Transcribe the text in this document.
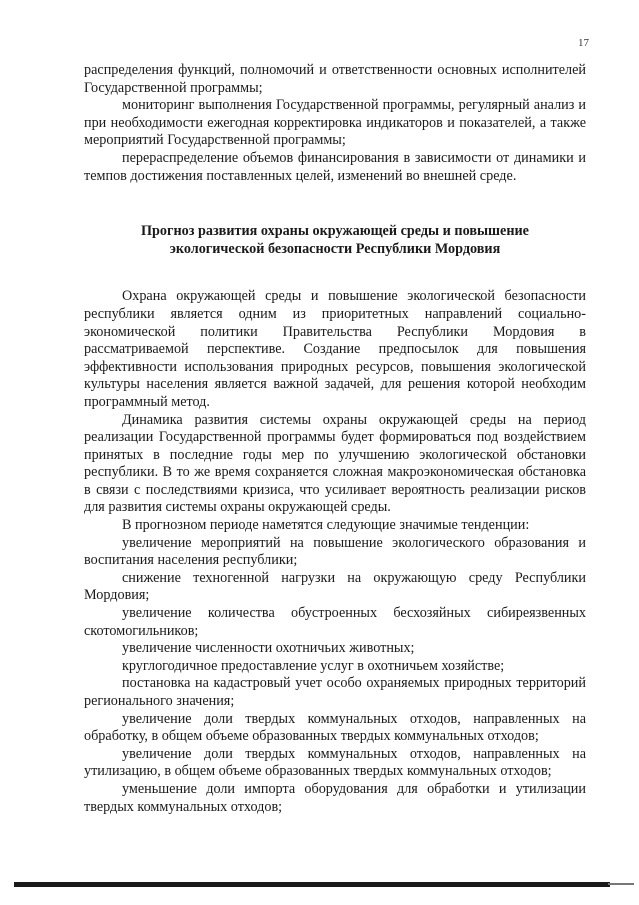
17

распределения функций, полномочий и ответственности основных исполнителей Государственной программы;

мониторинг выполнения Государственной программы, регулярный анализ и при необходимости ежегодная корректировка индикаторов и показателей, а также мероприятий Государственной программы;

перераспределение объемов финансирования в зависимости от динамики и темпов достижения поставленных целей, изменений во внешней среде.

Прогноз развития охраны окружающей среды и повышение экологической безопасности Республики Мордовия

Охрана окружающей среды и повышение экологической безопасности республики является одним из приоритетных направлений социально-экономической политики Правительства Республики Мордовия в рассматриваемой перспективе. Создание предпосылок для повышения эффективности использования природных ресурсов, повышения экологической культуры населения является важной задачей, для решения которой необходим программный метод.

Динамика развития системы охраны окружающей среды на период реализации Государственной программы будет формироваться под воздействием принятых в последние годы мер по улучшению экологической обстановки республики. В то же время сохраняется сложная макроэкономическая обстановка в связи с последствиями кризиса, что усиливает вероятность реализации рисков для развития системы охраны окружающей среды.

В прогнозном периоде наметятся следующие значимые тенденции:

увеличение мероприятий на повышение экологического образования и воспитания населения республики;

снижение техногенной нагрузки на окружающую среду Республики Мордовия;

увеличение количества обустроенных бесхозяйных сибиреязвенных скотомогильников;

увеличение численности охотничьих животных;

круглогодичное предоставление услуг в охотничьем хозяйстве;

постановка на кадастровый учет особо охраняемых природных территорий регионального значения;

увеличение доли твердых коммунальных отходов, направленных на обработку, в общем объеме образованных твердых коммунальных отходов;

увеличение доли твердых коммунальных отходов, направленных на утилизацию, в общем объеме образованных твердых коммунальных отходов;

уменьшение доли импорта оборудования для обработки и утилизации твердых коммунальных отходов;
